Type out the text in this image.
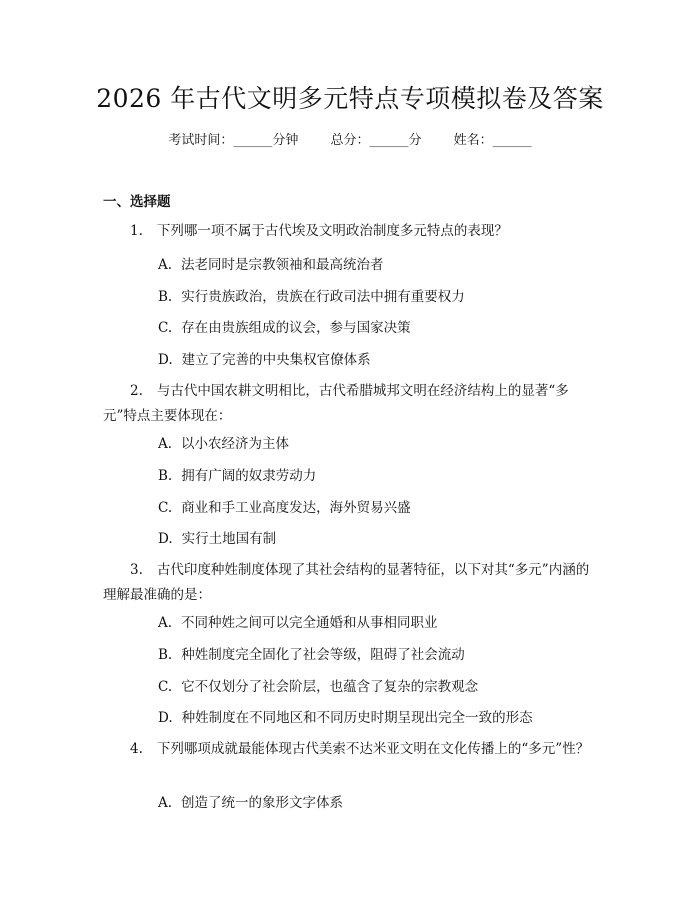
2026 年古代文明多元特点专项模拟卷及答案
考试时间：______分钟 总分：______分 姓名：______
一、选择题
1. 下列哪一项不属于古代埃及文明政治制度多元特点的表现？
A. 法老同时是宗教领袖和最高统治者
B. 实行贵族政治，贵族在行政司法中拥有重要权力
C. 存在由贵族组成的议会，参与国家决策
D. 建立了完善的中央集权官僚体系
2. 与古代中国农耕文明相比，古代希腊城邦文明在经济结构上的显著“多元”特点主要体现在：
A. 以小农经济为主体
B. 拥有广阔的奴隶劳动力
C. 商业和手工业高度发达，海外贸易兴盛
D. 实行土地国有制
3. 古代印度种姓制度体现了其社会结构的显著特征，以下对其“多元”内涵的理解最准确的是：
A. 不同种姓之间可以完全通婚和从事相同职业
B. 种姓制度完全固化了社会等级，阻碍了社会流动
C. 它不仅划分了社会阶层，也蕴含了复杂的宗教观念
D. 种姓制度在不同地区和不同历史时期呈现出完全一致的形态
4. 下列哪项成就最能体现古代美索不达米亚文明在文化传播上的“多元”性？
A. 创造了统一的象形文字体系
